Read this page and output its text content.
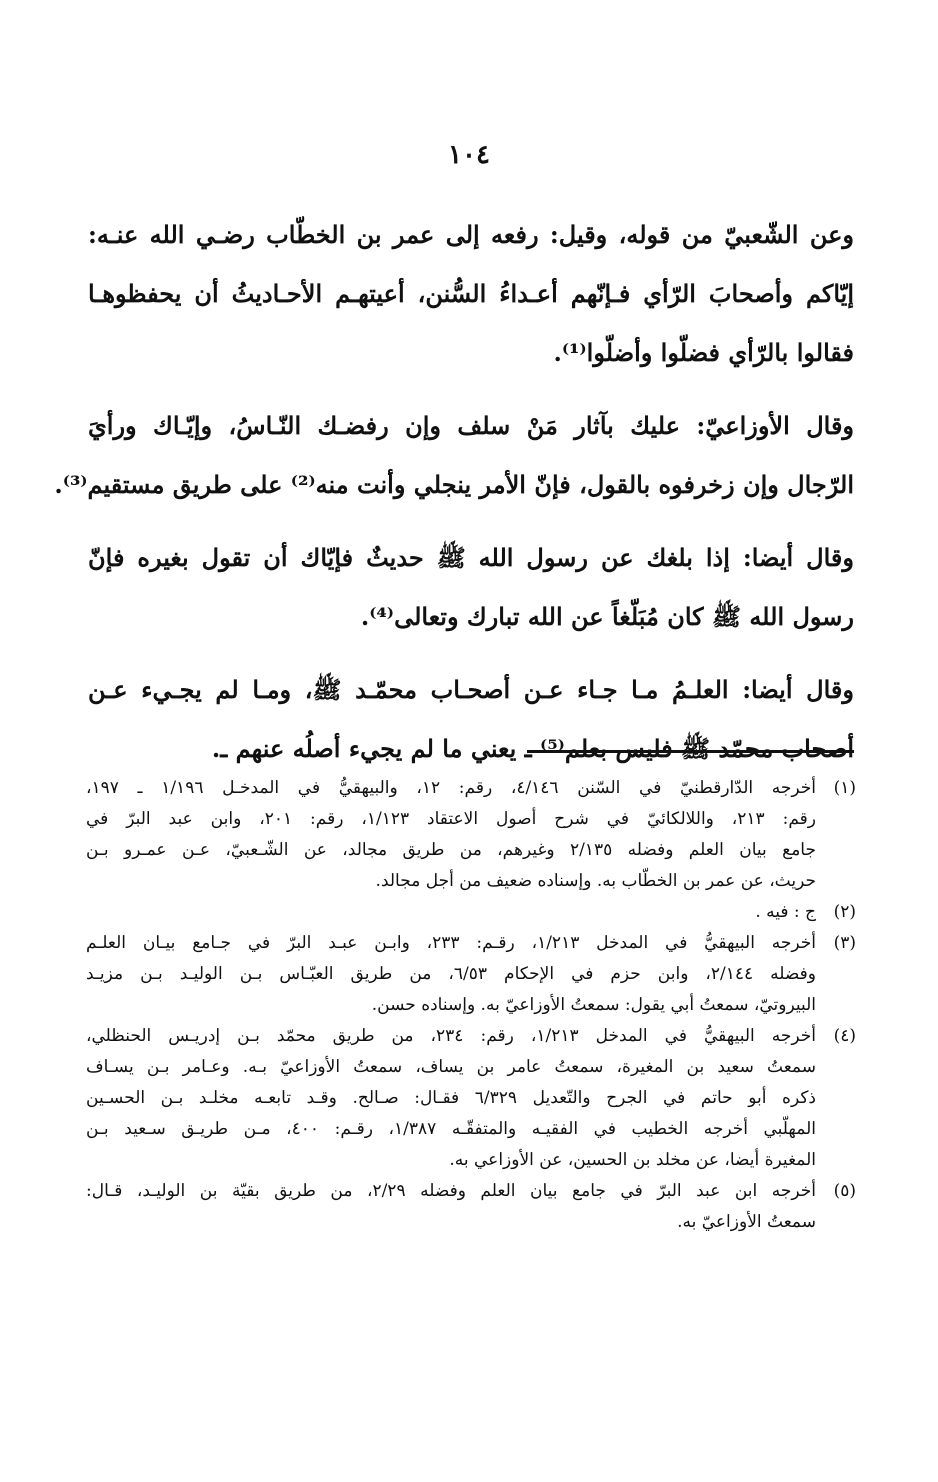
١٠٤

وعن الشّعبيّ من قوله، وقيل: رفعه إلى عمر بن الخطّاب رضـي الله عنـه:
إيّاكم وأصحابَ الرّأي فـإنّهم أعـداءُ السُّنن، أعيتهـم الأحـاديثُ أن يحفظوهـا
فقالوا بالرّأي فضلّوا وأضلّوا⁽¹⁾.

وقال الأوزاعيّ: عليك بآثار مَنْ سلف وإن رفضـك النّـاسُ، وإيّـاك ورأيَ
الرّجال وإن زخرفوه بالقول، فإنّ الأمر ينجلي وأنت منه⁽²⁾ على طريق مستقيم⁽³⁾.

وقال أيضا: إذا بلغك عن رسول الله ﷺ حديثٌ فإيّاك أن تقول بغيره فإنّ
رسول الله ﷺ كان مُبَلّغاً عن الله تبارك وتعالى⁽⁴⁾.

وقال أيضا: العلـمُ مـا جـاء عـن أصحـاب محمّـد ﷺ، ومـا لم يجـيء عـن
أصحاب محمّد ﷺ فليس بعلم⁽⁵⁾ ـ يعني ما لم يجيء أصلُه عنهم ـ.

(١)
أخرجه الدّارقطنيّ في السّنن ٤/١٤٦، رقم: ١٢، والبيهقيُّ في المدخـل ١/١٩٦ ـ ١٩٧،
رقم: ٢١٣، واللالكائيّ في شرح أصول الاعتقاد ١/١٢٣، رقم: ٢٠١، وابن عبد البرّ في
جامع بيان العلم وفضله ٢/١٣٥ وغيرهم، من طريق مجالد، عن الشّـعبيّ، عـن عمـرو بـن
حريث، عن عمر بن الخطّاب به. وإسناده ضعيف من أجل مجالد.
(٢)
ج : فيه .
(٣)
أخرجه البيهقيُّ في المدخل ١/٢١٣، رقـم: ٢٣٣، وابـن عبـد البرّ في جـامع بيـان العلـم
وفضله ٢/١٤٤، وابن حزم في الإحكام ٦/٥٣، من طريق العبّـاس بـن الوليـد بـن مزيـد
البيروتيّ، سمعتُ أبي يقول: سمعتُ الأوزاعيّ به. وإسناده حسن.
(٤)
أخرجه البيهقيُّ في المدخل ١/٢١٣، رقم: ٢٣٤، من طريق محمّد بـن إدريـس الحنظلي،
سمعتُ سعيد بن المغيرة، سمعتُ عامر بن يساف، سمعتُ الأوزاعيّ بـه. وعـامر بـن يسـاف
ذكره أبو حاتم في الجرح والتّعديل ٦/٣٢٩ فقـال: صـالح. وقـد تابعـه مخلـد بـن الحسـين
المهلّبي أخرجه الخطيب في الفقيـه والمتفقّـه ١/٣٨٧، رقـم: ٤٠٠، مـن طريـق سـعيد بـن
المغيرة أيضا، عن مخلد بن الحسين، عن الأوزاعي به.
(٥)
أخرجه ابن عبد البرّ في جامع بيان العلم وفضله ٢/٢٩، من طريق بقيّة بن الوليـد، قـال:
سمعتُ الأوزاعيّ به.
